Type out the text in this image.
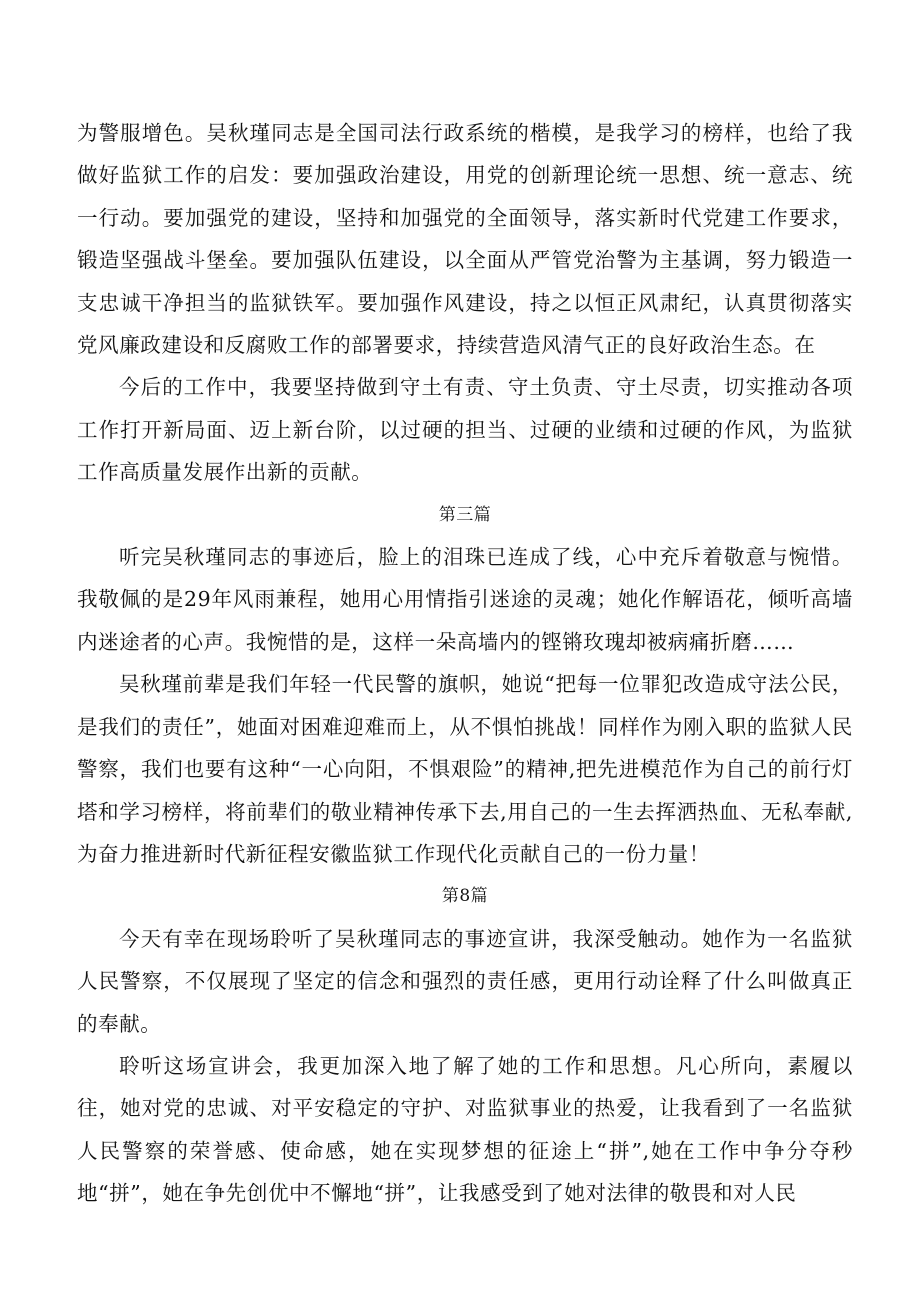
为警服增色。吴秋瑾同志是全国司法行政系统的楷模，是我学习的榜样，也给了我做好监狱工作的启发：要加强政治建设，用党的创新理论统一思想、统一意志、统一行动。要加强党的建设，坚持和加强党的全面领导，落实新时代党建工作要求，锻造坚强战斗堡垒。要加强队伍建设，以全面从严管党治警为主基调，努力锻造一支忠诚干净担当的监狱铁军。要加强作风建设，持之以恒正风肃纪，认真贯彻落实党风廉政建设和反腐败工作的部署要求，持续营造风清气正的良好政治生态。在

今后的工作中，我要坚持做到守土有责、守土负责、守土尽责，切实推动各项工作打开新局面、迈上新台阶，以过硬的担当、过硬的业绩和过硬的作风，为监狱工作高质量发展作出新的贡献。

第三篇

听完吴秋瑾同志的事迹后，脸上的泪珠已连成了线，心中充斥着敬意与惋惜。我敬佩的是29年风雨兼程，她用心用情指引迷途的灵魂；她化作解语花，倾听高墙内迷途者的心声。我惋惜的是，这样一朵高墙内的铿锵玫瑰却被病痛折磨……

吴秋瑾前辈是我们年轻一代民警的旗帜，她说“把每一位罪犯改造成守法公民，是我们的责任”，她面对困难迎难而上，从不惧怕挑战！同样作为刚入职的监狱人民警察，我们也要有这种“一心向阳，不惧艰险”的精神,把先进模范作为自己的前行灯塔和学习榜样，将前辈们的敬业精神传承下去,用自己的一生去挥洒热血、无私奉献,为奋力推进新时代新征程安徽监狱工作现代化贡献自己的一份力量！

第8篇

今天有幸在现场聆听了吴秋瑾同志的事迹宣讲，我深受触动。她作为一名监狱人民警察，不仅展现了坚定的信念和强烈的责任感，更用行动诠释了什么叫做真正的奉献。

聆听这场宣讲会，我更加深入地了解了她的工作和思想。凡心所向，素履以往，她对党的忠诚、对平安稳定的守护、对监狱事业的热爱，让我看到了一名监狱人民警察的荣誉感、使命感，她在实现梦想的征途上“拼”,她在工作中争分夺秒地“拼”，她在争先创优中不懈地“拼”，让我感受到了她对法律的敬畏和对人民
